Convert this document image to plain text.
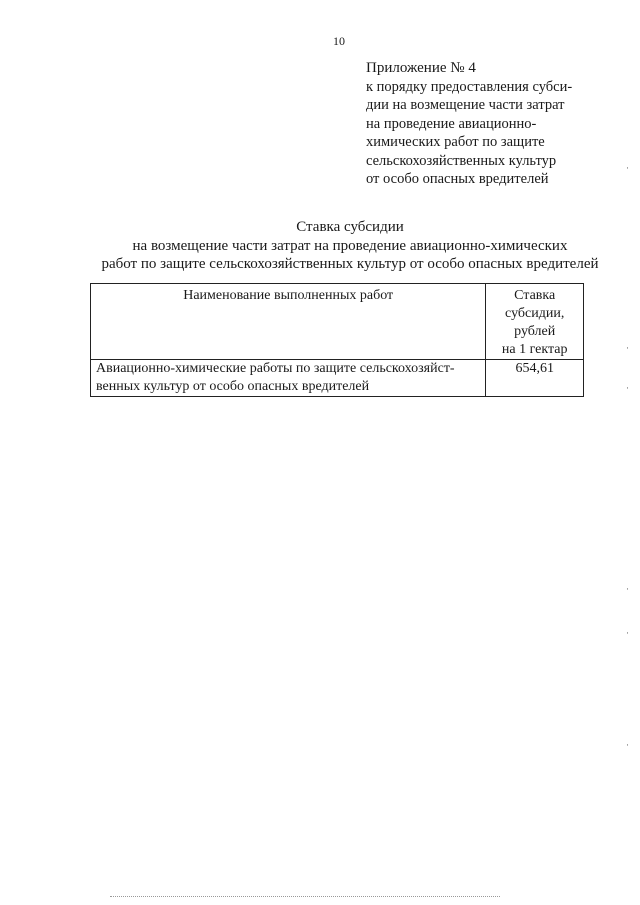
10
Приложение № 4
к порядку предоставления субси-
дии на возмещение части затрат
на проведение авиационно-
химических работ по защите
сельскохозяйственных культур
от особо опасных вредителей
Ставка субсидии
на возмещение части затрат на проведение авиационно-химических
работ по защите сельскохозяйственных культур от особо опасных вредителей
Наименование выполненных работ	Ставка
субсидии,
рублей
на 1 гектар

Авиационно-химические работы по защите сельскохозяйст-
венных культур от особо опасных вредителей	654,61
·
·
·
·
·
·
